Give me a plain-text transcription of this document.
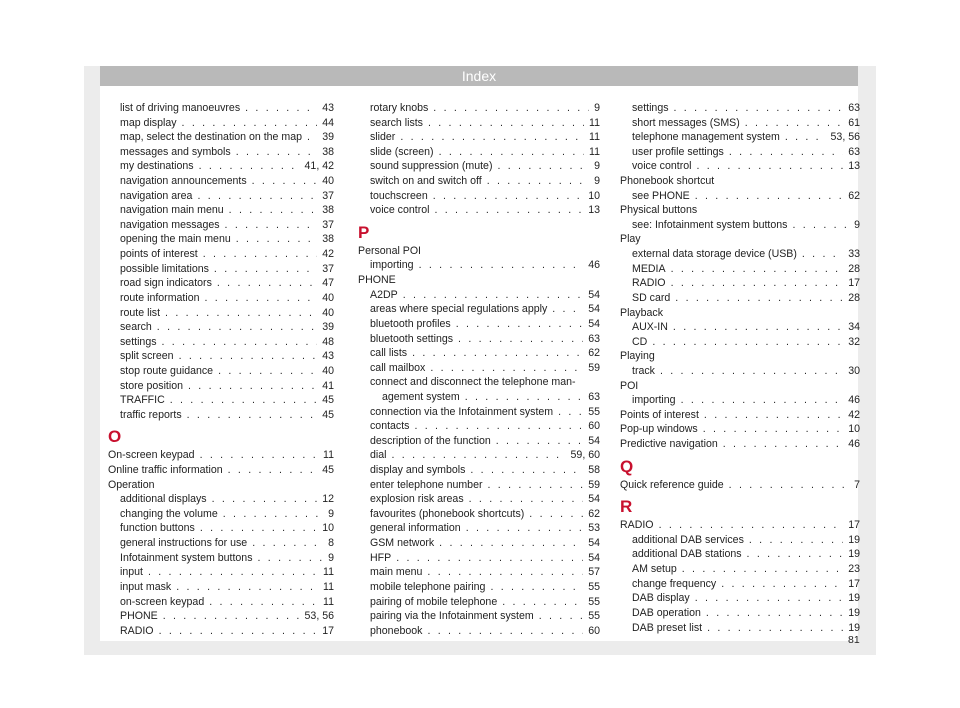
Index
list of driving manoeuvres . . .	43
map display . . .	44
map, select the destination on the map . . . 39
messages and symbols . . .	38
my destinations . . .	41, 42
navigation announcements . . .	40
navigation area . . .	37
navigation main menu . . .	38
navigation messages . . .	37
opening the main menu . . .	38
points of interest . . .	42
possible limitations . . .	37
road sign indicators . . .	47
route information . . .	40
route list . . .	40
search . . .	39
settings . . .	48
split screen . . .	43
stop route guidance . . .	40
store position . . .	41
TRAFFIC . . .	45
traffic reports . . .	45
O
On-screen keypad . . .	11
Online traffic information . . .	45
Operation
additional displays . . .	12
changing the volume . . .	9
function buttons . . .	10
general instructions for use . . .	8
Infotainment system buttons . . .	9
input . . .	11
input mask . . .	11
on-screen keypad . . .	11
PHONE . . .	53, 56
RADIO . . .	17
rotary knobs . . .	9
search lists . . .	11
slider . . .	11
slide (screen) . . .	11
sound suppression (mute) . . .	9
switch on and switch off . . .	9
touchscreen . . .	10
voice control . . .	13
P
Personal POI
importing . . .	46
PHONE
A2DP . . .	54
areas where special regulations apply . . .	54
bluetooth profiles . . .	54
bluetooth settings . . .	63
call lists . . .	62
call mailbox . . .	59
connect and disconnect the telephone man-
agement system . . .	63
connection via the Infotainment system . . .	55
contacts . . .	60
description of the function . . .	54
dial . . .	59, 60
display and symbols . . .	58
enter telephone number . . .	59
explosion risk areas . . .	54
favourites (phonebook shortcuts) . . .	62
general information . . .	53
GSM network . . .	54
HFP . . .	54
main menu . . .	57
mobile telephone pairing . . .	55
pairing of mobile telephone . . .	55
pairing via the Infotainment system . . .	55
phonebook . . .	60
settings . . .	63
short messages (SMS) . . .	61
telephone management system . . .	53, 56
user profile settings . . .	63
voice control . . .	13
Phonebook shortcut
see PHONE . . .	62
Physical buttons
see: Infotainment system buttons . . .	9
Play
external data storage device (USB) . . .	33
MEDIA . . .	28
RADIO . . .	17
SD card . . .	28
Playback
AUX-IN . . .	34
CD . . .	32
Playing
track . . .	30
POI
importing . . .	46
Points of interest . . .	42
Pop-up windows . . .	10
Predictive navigation . . .	46
Q
Quick reference guide . . .	7
R
RADIO . . .	17
additional DAB services . . .	19
additional DAB stations . . .	19
AM setup . . .	23
change frequency . . .	17
DAB display . . .	19
DAB operation . . .	19
DAB preset list . . .	19
81
